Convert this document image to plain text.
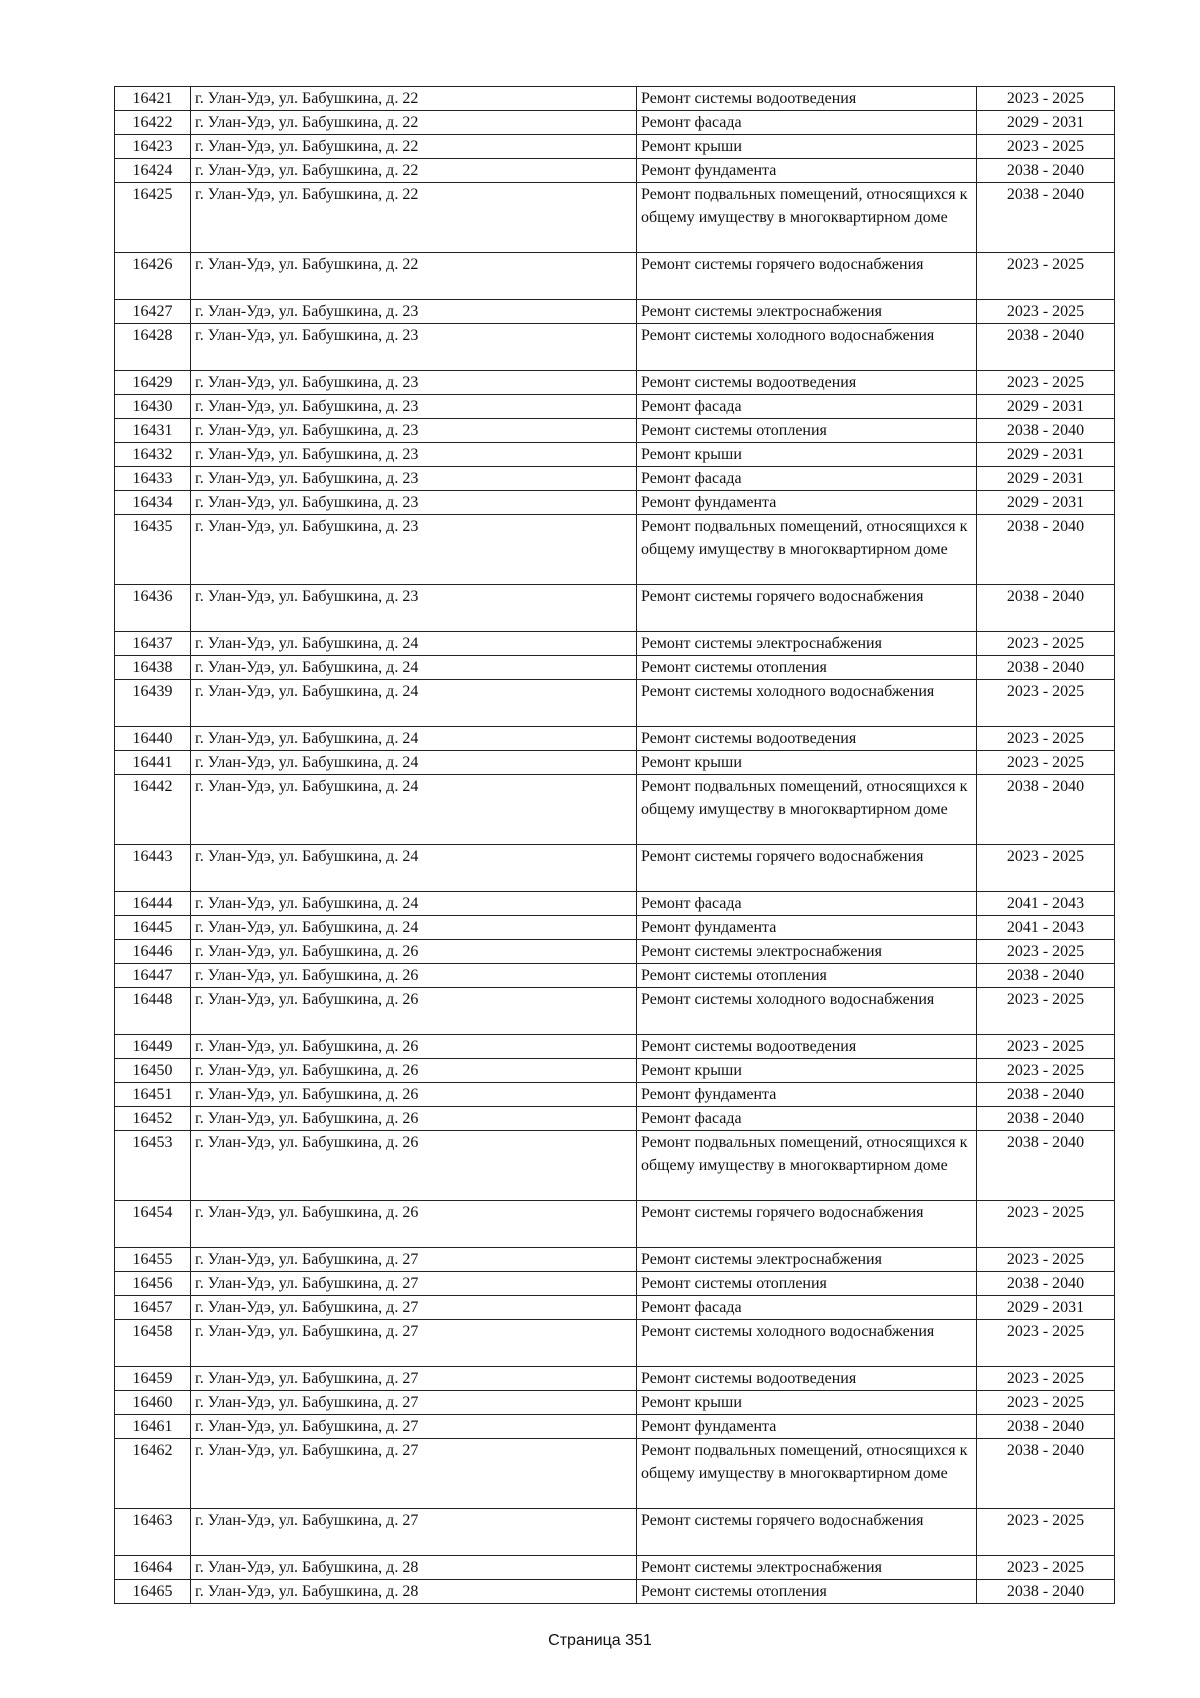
16421	г. Улан-Удэ, ул. Бабушкина, д. 22	Ремонт системы водоотведения	2023 - 2025
16422	г. Улан-Удэ, ул. Бабушкина, д. 22	Ремонт фасада	2029 - 2031
16423	г. Улан-Удэ, ул. Бабушкина, д. 22	Ремонт крыши	2023 - 2025
16424	г. Улан-Удэ, ул. Бабушкина, д. 22	Ремонт фундамента	2038 - 2040
16425	г. Улан-Удэ, ул. Бабушкина, д. 22	Ремонт подвальных помещений, относящихся к общему имуществу в многоквартирном доме	2038 - 2040
16426	г. Улан-Удэ, ул. Бабушкина, д. 22	Ремонт системы горячего водоснабжения	2023 - 2025
16427	г. Улан-Удэ, ул. Бабушкина, д. 23	Ремонт системы электроснабжения	2023 - 2025
16428	г. Улан-Удэ, ул. Бабушкина, д. 23	Ремонт системы холодного водоснабжения	2038 - 2040
16429	г. Улан-Удэ, ул. Бабушкина, д. 23	Ремонт системы водоотведения	2023 - 2025
16430	г. Улан-Удэ, ул. Бабушкина, д. 23	Ремонт фасада	2029 - 2031
16431	г. Улан-Удэ, ул. Бабушкина, д. 23	Ремонт системы отопления	2038 - 2040
16432	г. Улан-Удэ, ул. Бабушкина, д. 23	Ремонт крыши	2029 - 2031
16433	г. Улан-Удэ, ул. Бабушкина, д. 23	Ремонт фасада	2029 - 2031
16434	г. Улан-Удэ, ул. Бабушкина, д. 23	Ремонт фундамента	2029 - 2031
16435	г. Улан-Удэ, ул. Бабушкина, д. 23	Ремонт подвальных помещений, относящихся к общему имуществу в многоквартирном доме	2038 - 2040
16436	г. Улан-Удэ, ул. Бабушкина, д. 23	Ремонт системы горячего водоснабжения	2038 - 2040
16437	г. Улан-Удэ, ул. Бабушкина, д. 24	Ремонт системы электроснабжения	2023 - 2025
16438	г. Улан-Удэ, ул. Бабушкина, д. 24	Ремонт системы отопления	2038 - 2040
16439	г. Улан-Удэ, ул. Бабушкина, д. 24	Ремонт системы холодного водоснабжения	2023 - 2025
16440	г. Улан-Удэ, ул. Бабушкина, д. 24	Ремонт системы водоотведения	2023 - 2025
16441	г. Улан-Удэ, ул. Бабушкина, д. 24	Ремонт крыши	2023 - 2025
16442	г. Улан-Удэ, ул. Бабушкина, д. 24	Ремонт подвальных помещений, относящихся к общему имуществу в многоквартирном доме	2038 - 2040
16443	г. Улан-Удэ, ул. Бабушкина, д. 24	Ремонт системы горячего водоснабжения	2023 - 2025
16444	г. Улан-Удэ, ул. Бабушкина, д. 24	Ремонт фасада	2041 - 2043
16445	г. Улан-Удэ, ул. Бабушкина, д. 24	Ремонт фундамента	2041 - 2043
16446	г. Улан-Удэ, ул. Бабушкина, д. 26	Ремонт системы электроснабжения	2023 - 2025
16447	г. Улан-Удэ, ул. Бабушкина, д. 26	Ремонт системы отопления	2038 - 2040
16448	г. Улан-Удэ, ул. Бабушкина, д. 26	Ремонт системы холодного водоснабжения	2023 - 2025
16449	г. Улан-Удэ, ул. Бабушкина, д. 26	Ремонт системы водоотведения	2023 - 2025
16450	г. Улан-Удэ, ул. Бабушкина, д. 26	Ремонт крыши	2023 - 2025
16451	г. Улан-Удэ, ул. Бабушкина, д. 26	Ремонт фундамента	2038 - 2040
16452	г. Улан-Удэ, ул. Бабушкина, д. 26	Ремонт фасада	2038 - 2040
16453	г. Улан-Удэ, ул. Бабушкина, д. 26	Ремонт подвальных помещений, относящихся к общему имуществу в многоквартирном доме	2038 - 2040
16454	г. Улан-Удэ, ул. Бабушкина, д. 26	Ремонт системы горячего водоснабжения	2023 - 2025
16455	г. Улан-Удэ, ул. Бабушкина, д. 27	Ремонт системы электроснабжения	2023 - 2025
16456	г. Улан-Удэ, ул. Бабушкина, д. 27	Ремонт системы отопления	2038 - 2040
16457	г. Улан-Удэ, ул. Бабушкина, д. 27	Ремонт фасада	2029 - 2031
16458	г. Улан-Удэ, ул. Бабушкина, д. 27	Ремонт системы холодного водоснабжения	2023 - 2025
16459	г. Улан-Удэ, ул. Бабушкина, д. 27	Ремонт системы водоотведения	2023 - 2025
16460	г. Улан-Удэ, ул. Бабушкина, д. 27	Ремонт крыши	2023 - 2025
16461	г. Улан-Удэ, ул. Бабушкина, д. 27	Ремонт фундамента	2038 - 2040
16462	г. Улан-Удэ, ул. Бабушкина, д. 27	Ремонт подвальных помещений, относящихся к общему имуществу в многоквартирном доме	2038 - 2040
16463	г. Улан-Удэ, ул. Бабушкина, д. 27	Ремонт системы горячего водоснабжения	2023 - 2025
16464	г. Улан-Удэ, ул. Бабушкина, д. 28	Ремонт системы электроснабжения	2023 - 2025
16465	г. Улан-Удэ, ул. Бабушкина, д. 28	Ремонт системы отопления	2038 - 2040
Страница 351
